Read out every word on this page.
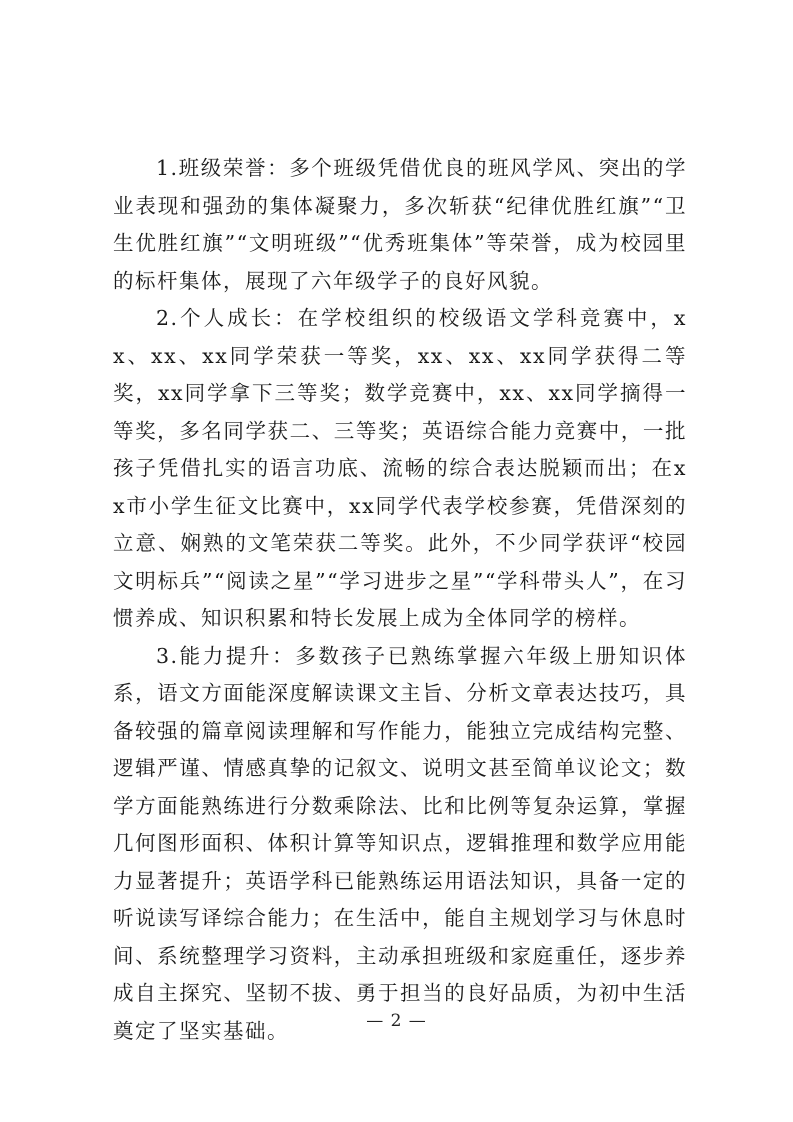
1.班级荣誉：多个班级凭借优良的班风学风、突出的学业表现和强劲的集体凝聚力，多次斩获“纪律优胜红旗”“卫生优胜红旗”“文明班级”“优秀班集体”等荣誉，成为校园里的标杆集体，展现了六年级学子的良好风貌。

2.个人成长：在学校组织的校级语文学科竞赛中，xx、xx、xx同学荣获一等奖，xx、xx、xx同学获得二等奖，xx同学拿下三等奖；数学竞赛中，xx、xx同学摘得一等奖，多名同学获二、三等奖；英语综合能力竞赛中，一批孩子凭借扎实的语言功底、流畅的综合表达脱颖而出；在xx市小学生征文比赛中，xx同学代表学校参赛，凭借深刻的立意、娴熟的文笔荣获二等奖。此外，不少同学获评“校园文明标兵”“阅读之星”“学习进步之星”“学科带头人”，在习惯养成、知识积累和特长发展上成为全体同学的榜样。

3.能力提升：多数孩子已熟练掌握六年级上册知识体系，语文方面能深度解读课文主旨、分析文章表达技巧，具备较强的篇章阅读理解和写作能力，能独立完成结构完整、逻辑严谨、情感真挚的记叙文、说明文甚至简单议论文；数学方面能熟练进行分数乘除法、比和比例等复杂运算，掌握几何图形面积、体积计算等知识点，逻辑推理和数学应用能力显著提升；英语学科已能熟练运用语法知识，具备一定的听说读写译综合能力；在生活中，能自主规划学习与休息时间、系统整理学习资料，主动承担班级和家庭重任，逐步养成自主探究、坚韧不拔、勇于担当的良好品质，为初中生活奠定了坚实基础。	— 2 —
